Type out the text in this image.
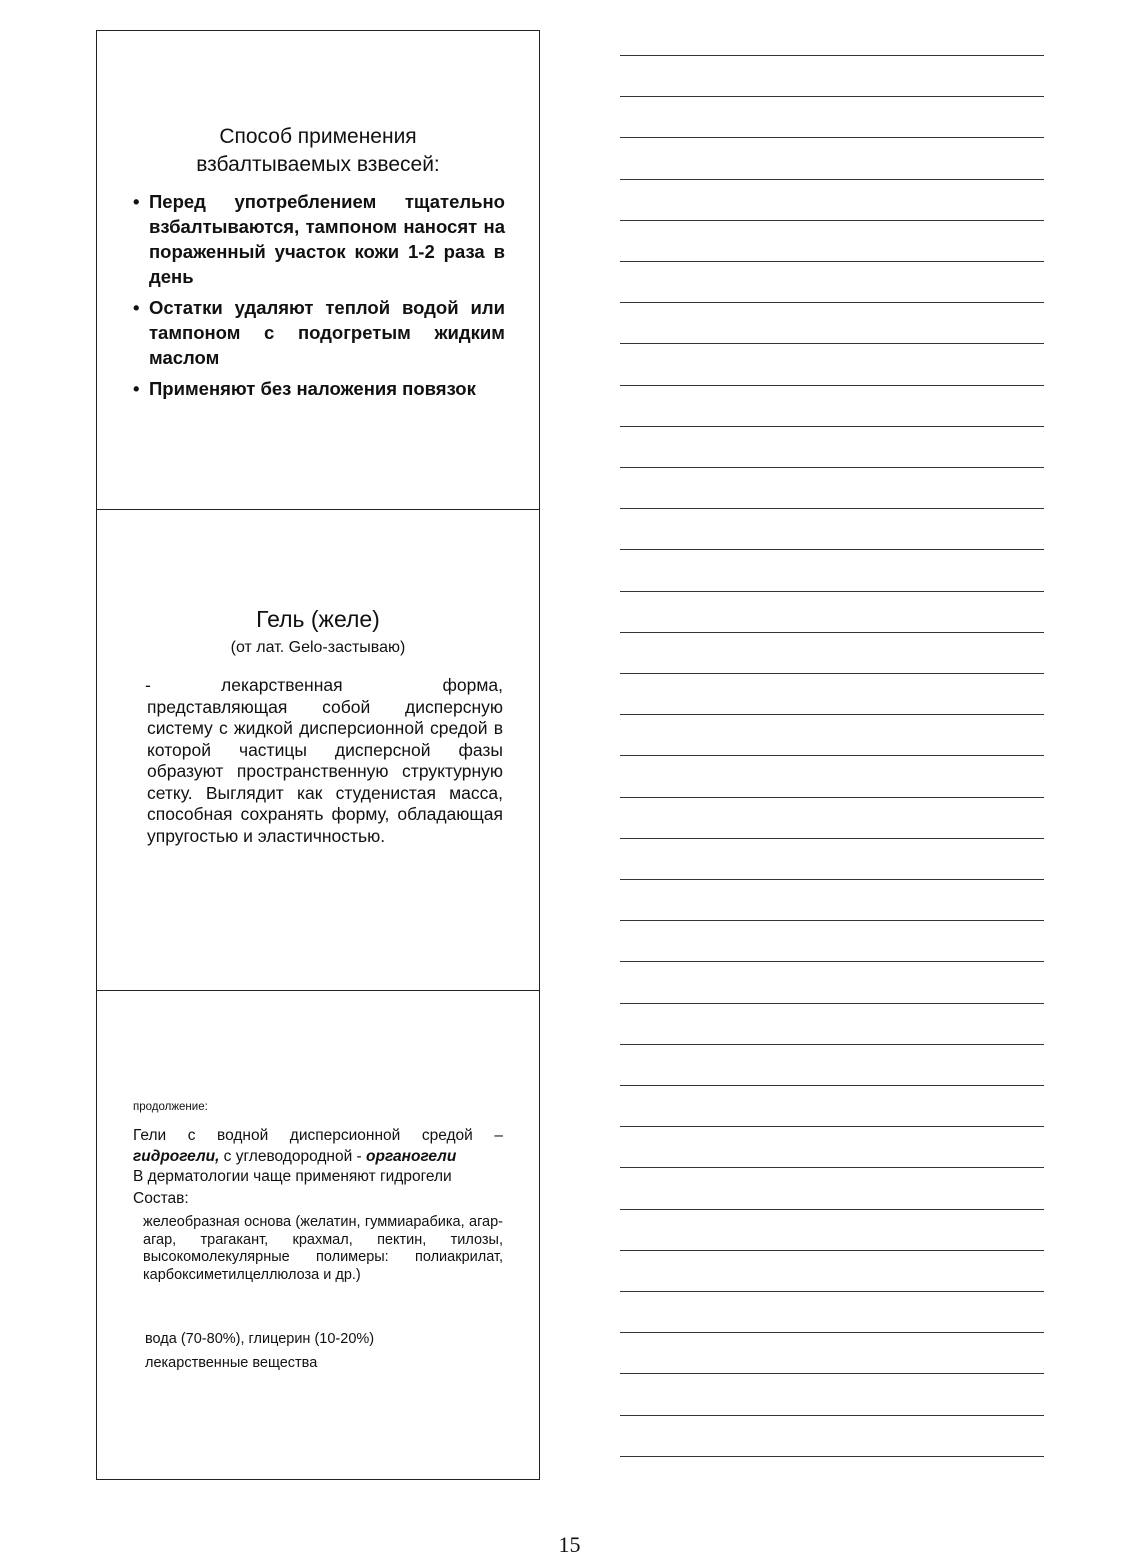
Способ применения
взбалтываемых взвесей:
• Перед употреблением тщательно взбалтываются, тампоном наносят на пораженный участок кожи 1-2 раза в день
• Остатки удаляют теплой водой или тампоном с подогретым жидким маслом
• Применяют без наложения повязок
Гель (желе)
(от лат. Gelo-застываю)
-	лекарственная форма, представляющая собой дисперсную систему с жидкой дисперсионной средой в которой частицы дисперсной фазы образуют пространственную структурную сетку. Выглядит как студенистая масса, способная сохранять форму, обладающая упругостью и эластичностью.
продолжение:
Гели с водной дисперсионной средой – гидрогели, с углеводородной - органогели
В дерматологии чаще применяют гидрогели
Состав:
желеобразная основа (желатин, гуммиарабика, агар-агар, трагакант, крахмал, пектин, тилозы, высокомолекулярные полимеры: полиакрилат, карбоксиметилцеллюлоза и др.)
вода (70-80%), глицерин (10-20%)
лекарственные вещества
15
